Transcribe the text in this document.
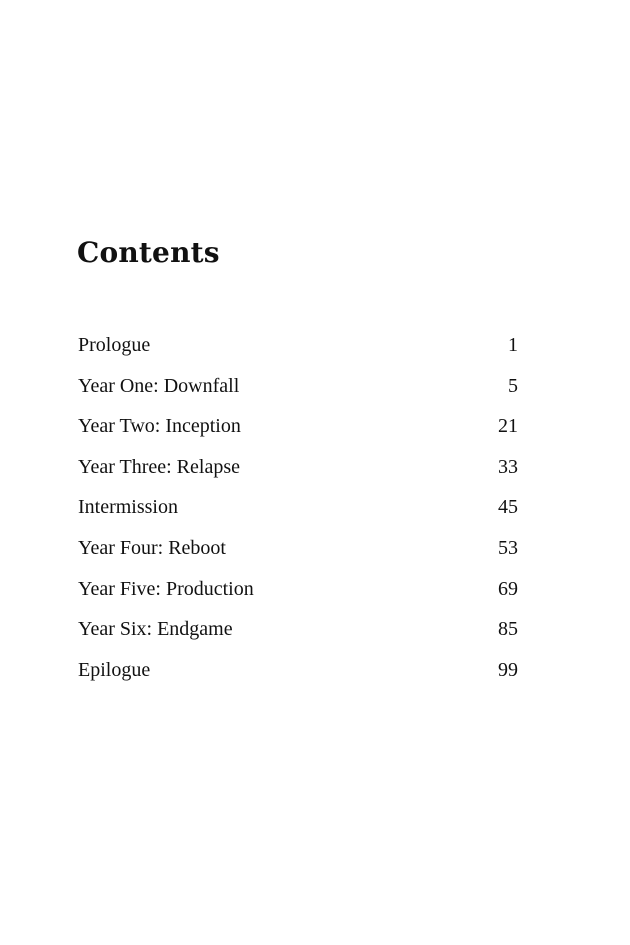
Contents
Prologue	1
Year One: Downfall	5
Year Two: Inception	21
Year Three: Relapse	33
Intermission	45
Year Four: Reboot	53
Year Five: Production	69
Year Six: Endgame	85
Epilogue	99
